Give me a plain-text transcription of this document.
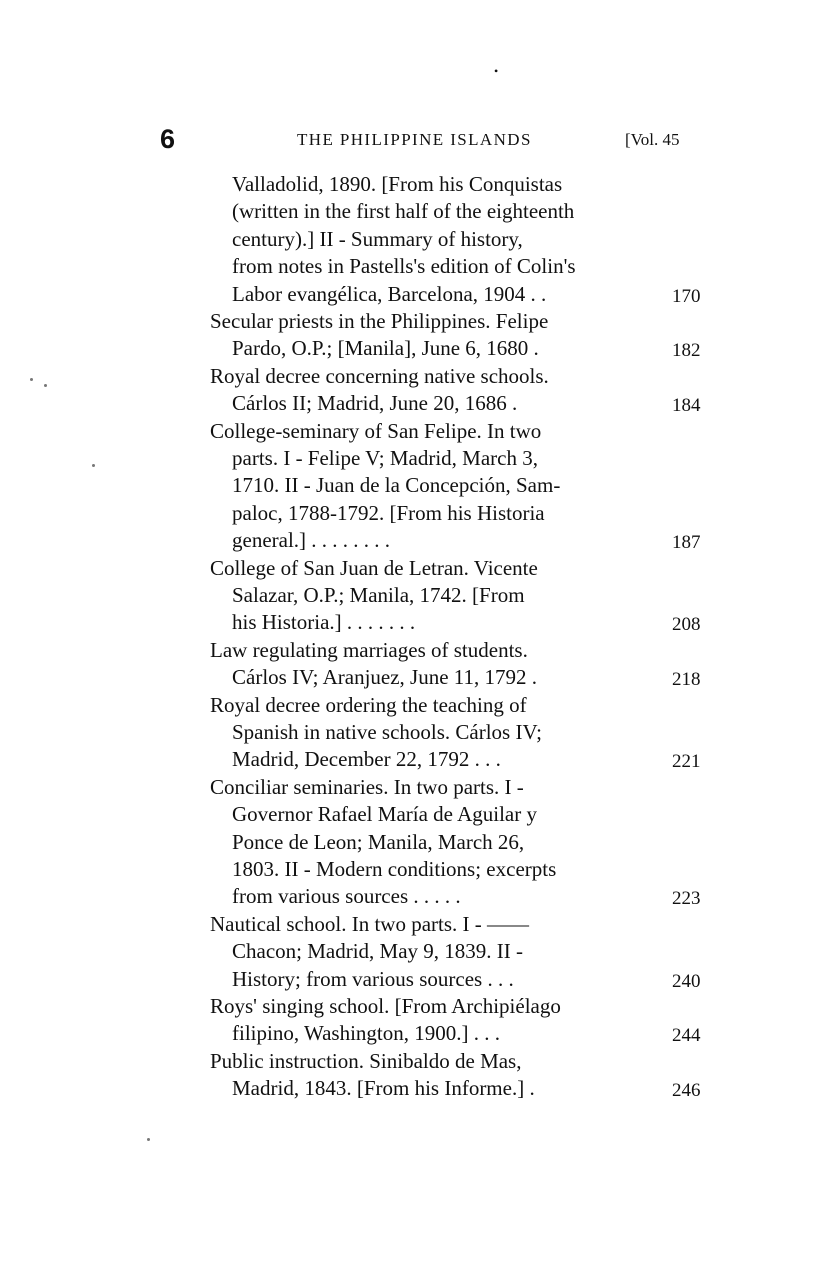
•
6	THE PHILIPPINE ISLANDS	[Vol. 45
Valladolid, 1890. [From his Conquistas
(written in the first half of the eighteenth
century).] II - Summary of history,
from notes in Pastells's edition of Colin's
Labor evangélica, Barcelona, 1904 . .	170
Secular priests in the Philippines. Felipe
Pardo, O.P.; [Manila], June 6, 1680 .	182
Royal decree concerning native schools.
Cárlos II; Madrid, June 20, 1686 .	184
College-seminary of San Felipe. In two
parts. I - Felipe V; Madrid, March 3,
1710. II - Juan de la Concepción, Sam-
paloc, 1788-1792. [From his Historia
general.] . . . . . . . .	187
College of San Juan de Letran. Vicente
Salazar, O.P.; Manila, 1742. [From
his Historia.] . . . . . . .	208
Law regulating marriages of students.
Cárlos IV; Aranjuez, June 11, 1792 .	218
Royal decree ordering the teaching of
Spanish in native schools. Cárlos IV;
Madrid, December 22, 1792 . . .	221
Conciliar seminaries. In two parts. I -
Governor Rafael María de Aguilar y
Ponce de Leon; Manila, March 26,
1803. II - Modern conditions; excerpts
from various sources . . . . .	223
Nautical school. In two parts. I - ——
Chacon; Madrid, May 9, 1839. II -
History; from various sources . . .	240
Roys' singing school. [From Archipiélago
filipino, Washington, 1900.] . . .	244
Public instruction. Sinibaldo de Mas,
Madrid, 1843. [From his Informe.] .	246
